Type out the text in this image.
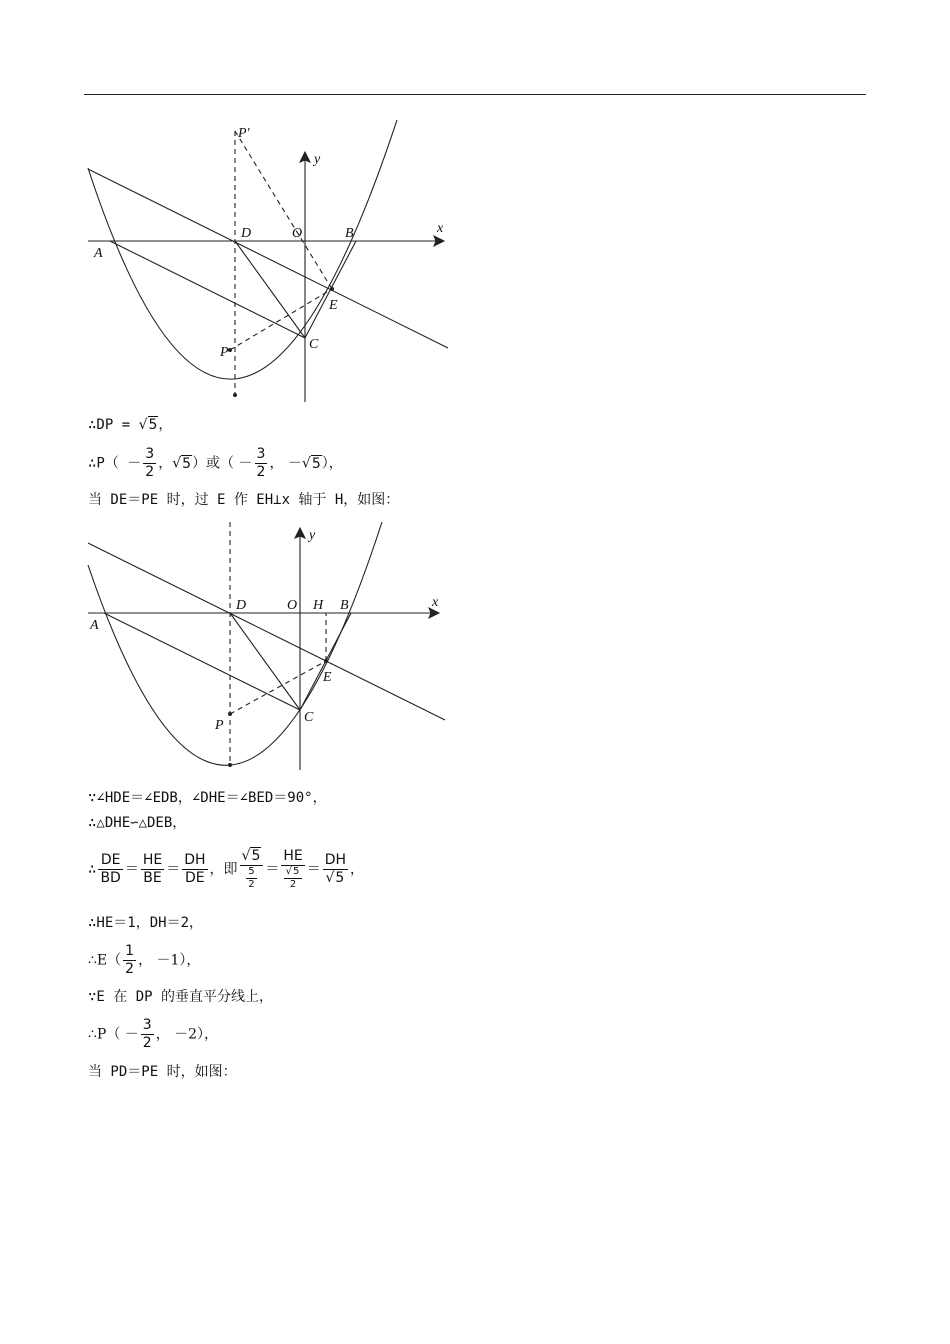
P′
y
x
D	O	B
A
E
P
C
∴DP = √5，
∴P（ － $\frac{3}{2}$ ，√5）或（ － $\frac{3}{2}$ ， －√5），
当 DE＝PE 时，过 E 作 EH⊥x 轴于 H，如图：
y
x
D	O H B
A
E
P
C
∵∠HDE＝∠EDB，∠DHE＝∠BED＝90°，
∴△DHE∽△DEB，
∴ $\frac{DE}{BD} = \frac{HE}{BE} = \frac{DH}{DE}$ ，即 $\frac{√5}{\frac{5}{2}} = \frac{HE}{\frac{√5}{2}} = \frac{DH}{√5}$ ，
∴HE＝1，DH＝2，
∴E（ $\frac{1}{2}$ ， －1），
∵E 在 DP 的垂直平分线上，
∴P（ － $\frac{3}{2}$ ， －2），
当 PD＝PE 时，如图：
